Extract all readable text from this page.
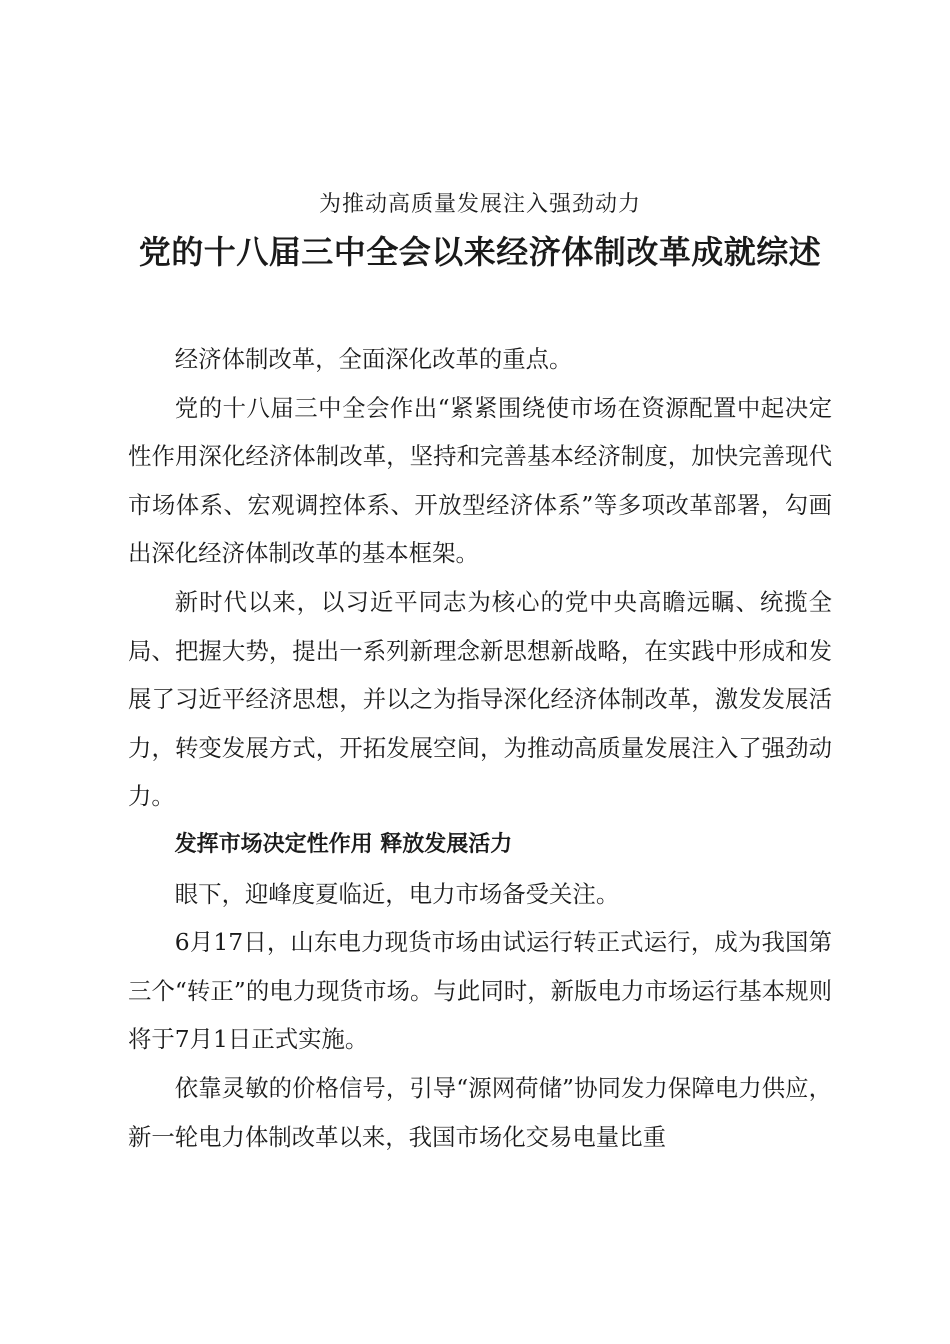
为推动高质量发展注入强劲动力
党的十八届三中全会以来经济体制改革成就综述

经济体制改革，全面深化改革的重点。

党的十八届三中全会作出“紧紧围绕使市场在资源配置中起决定性作用深化经济体制改革，坚持和完善基本经济制度，加快完善现代市场体系、宏观调控体系、开放型经济体系”等多项改革部署，勾画出深化经济体制改革的基本框架。

新时代以来，以习近平同志为核心的党中央高瞻远瞩、统揽全局、把握大势，提出一系列新理念新思想新战略，在实践中形成和发展了习近平经济思想，并以之为指导深化经济体制改革，激发发展活力，转变发展方式，开拓发展空间，为推动高质量发展注入了强劲动力。

发挥市场决定性作用 释放发展活力

眼下，迎峰度夏临近，电力市场备受关注。

6月17日，山东电力现货市场由试运行转正式运行，成为我国第三个“转正”的电力现货市场。与此同时，新版电力市场运行基本规则将于7月1日正式实施。

依靠灵敏的价格信号，引导“源网荷储”协同发力保障电力供应，新一轮电力体制改革以来，我国市场化交易电量比重
